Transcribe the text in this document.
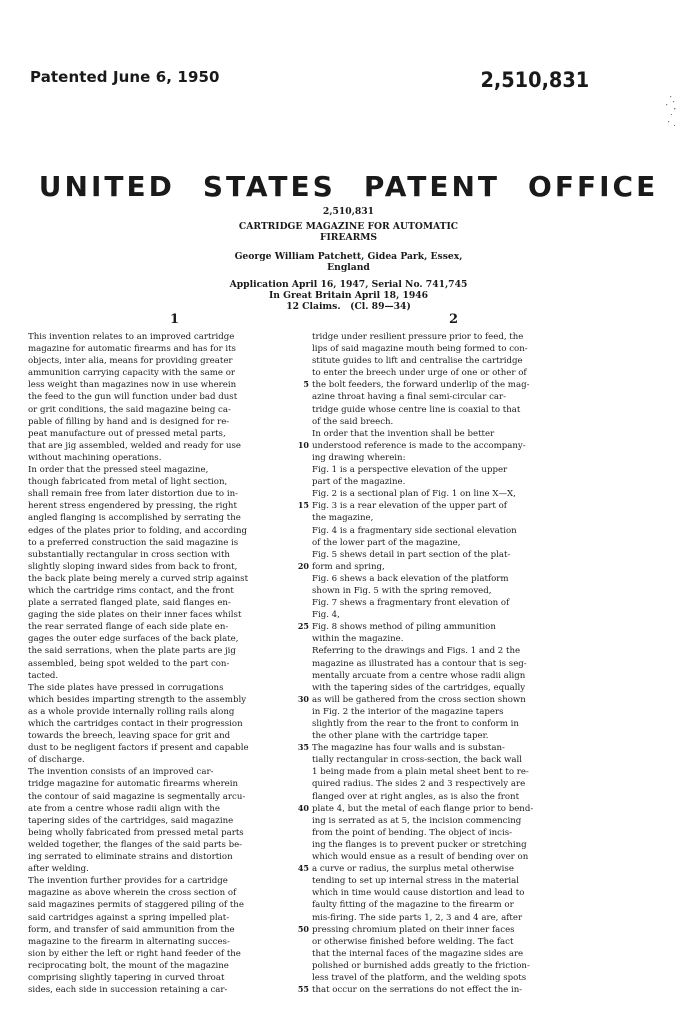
Patented June 6, 1950	2,510,831
UNITED STATES PATENT OFFICE
2,510,831
CARTRIDGE MAGAZINE FOR AUTOMATIC
FIREARMS
George William Patchett, Gidea Park, Essex,
England
Application April 16, 1947, Serial No. 741,745
In Great Britain April 18, 1946
12 Claims. (Cl. 89—34)
1	2
This invention relates to an improved cartridge
magazine for automatic firearms and has for its
objects, inter alia, means for providing greater
ammunition carrying capacity with the same or
less weight than magazines now in use wherein
the feed to the gun will function under bad dust
or grit conditions, the said magazine being ca-
pable of filling by hand and is designed for re-
peat manufacture out of pressed metal parts,
that are jig assembled, welded and ready for use
without machining operations.
In order that the pressed steel magazine,
though fabricated from metal of light section,
shall remain free from later distortion due to in-
herent stress engendered by pressing, the right
angled flanging is accomplished by serrating the
edges of the plates prior to folding, and according
to a preferred construction the said magazine is
substantially rectangular in cross section with
slightly sloping inward sides from back to front,
the back plate being merely a curved strip against
which the cartridge rims contact, and the front
plate a serrated flanged plate, said flanges en-
gaging the side plates on their inner faces whilst
the rear serrated flange of each side plate en-
gages the outer edge surfaces of the back plate,
the said serrations, when the plate parts are jig
assembled, being spot welded to the part con-
tacted.
The side plates have pressed in corrugations
which besides imparting strength to the assembly
as a whole provide internally rolling rails along
which the cartridges contact in their progression
towards the breech, leaving space for grit and
dust to be negligent factors if present and capable
of discharge.
The invention consists of an improved car-
tridge magazine for automatic firearms wherein
the contour of said magazine is segmentally arcu-
ate from a centre whose radii align with the
tapering sides of the cartridges, said magazine
being wholly fabricated from pressed metal parts
welded together, the flanges of the said parts be-
ing serrated to eliminate strains and distortion
after welding.
The invention further provides for a cartridge
magazine as above wherein the cross section of
said magazines permits of staggered piling of the
said cartridges against a spring impelled plat-
form, and transfer of said ammunition from the
magazine to the firearm in alternating succes-
sion by either the left or right hand feeder of the
reciprocating bolt, the mount of the magazine
comprising slightly tapering in curved throat
sides, each side in succession retaining a car-
5
10
15
20
25
30
35
40
45
50
55
tridge under resilient pressure prior to feed, the
lips of said magazine mouth being formed to con-
stitute guides to lift and centralise the cartridge
to enter the breech under urge of one or other of
the bolt feeders, the forward underlip of the mag-
azine throat having a final semi-circular car-
tridge guide whose centre line is coaxial to that
of the said breech.
In order that the invention shall be better
understood reference is made to the accompany-
ing drawing wherein:
Fig. 1 is a perspective elevation of the upper
part of the magazine.
Fig. 2 is a sectional plan of Fig. 1 on line X—X,
Fig. 3 is a rear elevation of the upper part of
the magazine,
Fig. 4 is a fragmentary side sectional elevation
of the lower part of the magazine,
Fig. 5 shews detail in part section of the plat-
form and spring,
Fig. 6 shews a back elevation of the platform
shown in Fig. 5 with the spring removed,
Fig. 7 shews a fragmentary front elevation of
Fig. 4,
Fig. 8 shows method of piling ammunition
within the magazine.
Referring to the drawings and Figs. 1 and 2 the
magazine as illustrated has a contour that is seg-
mentally arcuate from a centre whose radii align
with the tapering sides of the cartridges, equally
as will be gathered from the cross section shown
in Fig. 2 the interior of the magazine tapers
slightly from the rear to the front to conform in
the other plane with the cartridge taper.
The magazine has four walls and is substan-
tially rectangular in cross-section, the back wall
1 being made from a plain metal sheet bent to re-
quired radius. The sides 2 and 3 respectively are
flanged over at right angles, as is also the front
plate 4, but the metal of each flange prior to bend-
ing is serrated as at 5, the incision commencing
from the point of bending. The object of incis-
ing the flanges is to prevent pucker or stretching
which would ensue as a result of bending over on
a curve or radius, the surplus metal otherwise
tending to set up internal stress in the material
which in time would cause distortion and lead to
faulty fitting of the magazine to the firearm or
mis-firing. The side parts 1, 2, 3 and 4 are, after
pressing chromium plated on their inner faces
or otherwise finished before welding. The fact
that the internal faces of the magazine sides are
polished or burnished adds greatly to the friction-
less travel of the platform, and the welding spots
that occur on the serrations do not effect the in-
